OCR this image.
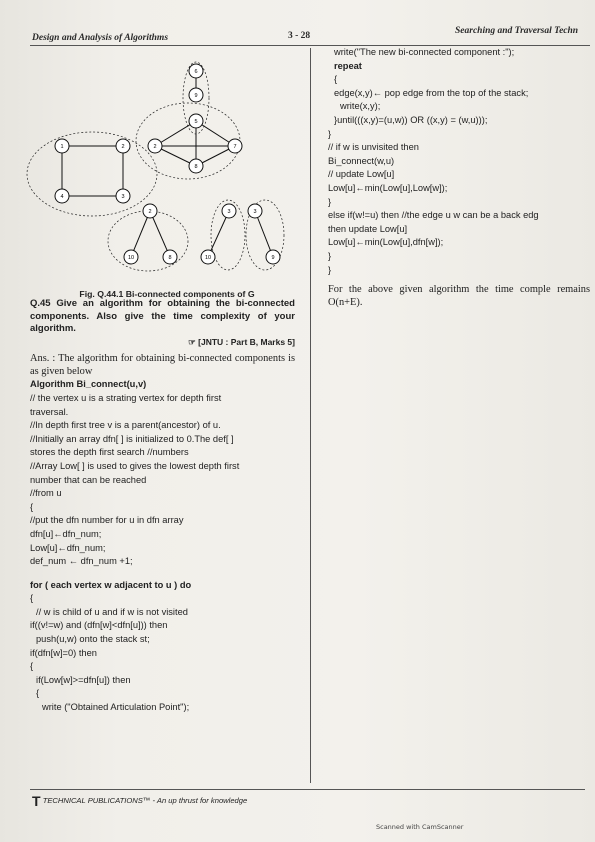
Design and Analysis of Algorithms	3 - 28	Searching and Traversal Techn
6
9
5
2	7
8
1	2
4	3
2
10	8
3
10
3
9
Fig. Q.44.1 Bi-connected components of G
Q.45 Give an algorithm for obtaining the bi-connected components. Also give the time complexity of your algorithm.
☞ [JNTU : Part B, Marks 5]
Ans. : The algorithm for obtaining bi-connected components is as given below
Algorithm Bi_connect(u,v)
// the vertex u is a strating vertex for depth first
traversal.
//In depth first tree v is a parent(ancestor) of u.
//Initially an array dfn[ ] is initialized to 0.The def[ ]
stores the depth first search //numbers
//Array Low[ ] is used to gives the lowest depth first
number that can be reached
//from u
{
//put the dfn number for u in dfn array
dfn[u]←dfn_num;
Low[u]←dfn_num;
def_num ← dfn_num +1;
for ( each vertex w adjacent to u ) do
{
// w is child of u and if w is not visited
if((v!=w) and (dfn[w]<dfn[u])) then
push(u,w) onto the stack st;
if(dfn[w]=0) then
{
if(Low[w]>=dfn[u]) then
{
write ("Obtained Articulation Point");
write("The new bi-connected component :");
repeat
{
edge(x,y)← pop edge from the top of the stack;
write(x,y);
}until(((x,y)=(u,w)) OR ((x,y) = (w,u)));
}
// if w is unvisited then
Bi_connect(w,u)
// update Low[u]
Low[u]←min(Low[u],Low[w]);
}
else if(w!=u) then //the edge u w can be a back edg
then update Low[u]
Low[u]←min(Low[u],dfn[w]);
}
}
For the above given algorithm the time comple remains O(n+E).
T TECHNICAL PUBLICATIONS™ - An up thrust for knowledge
Scanned with CamScanner
